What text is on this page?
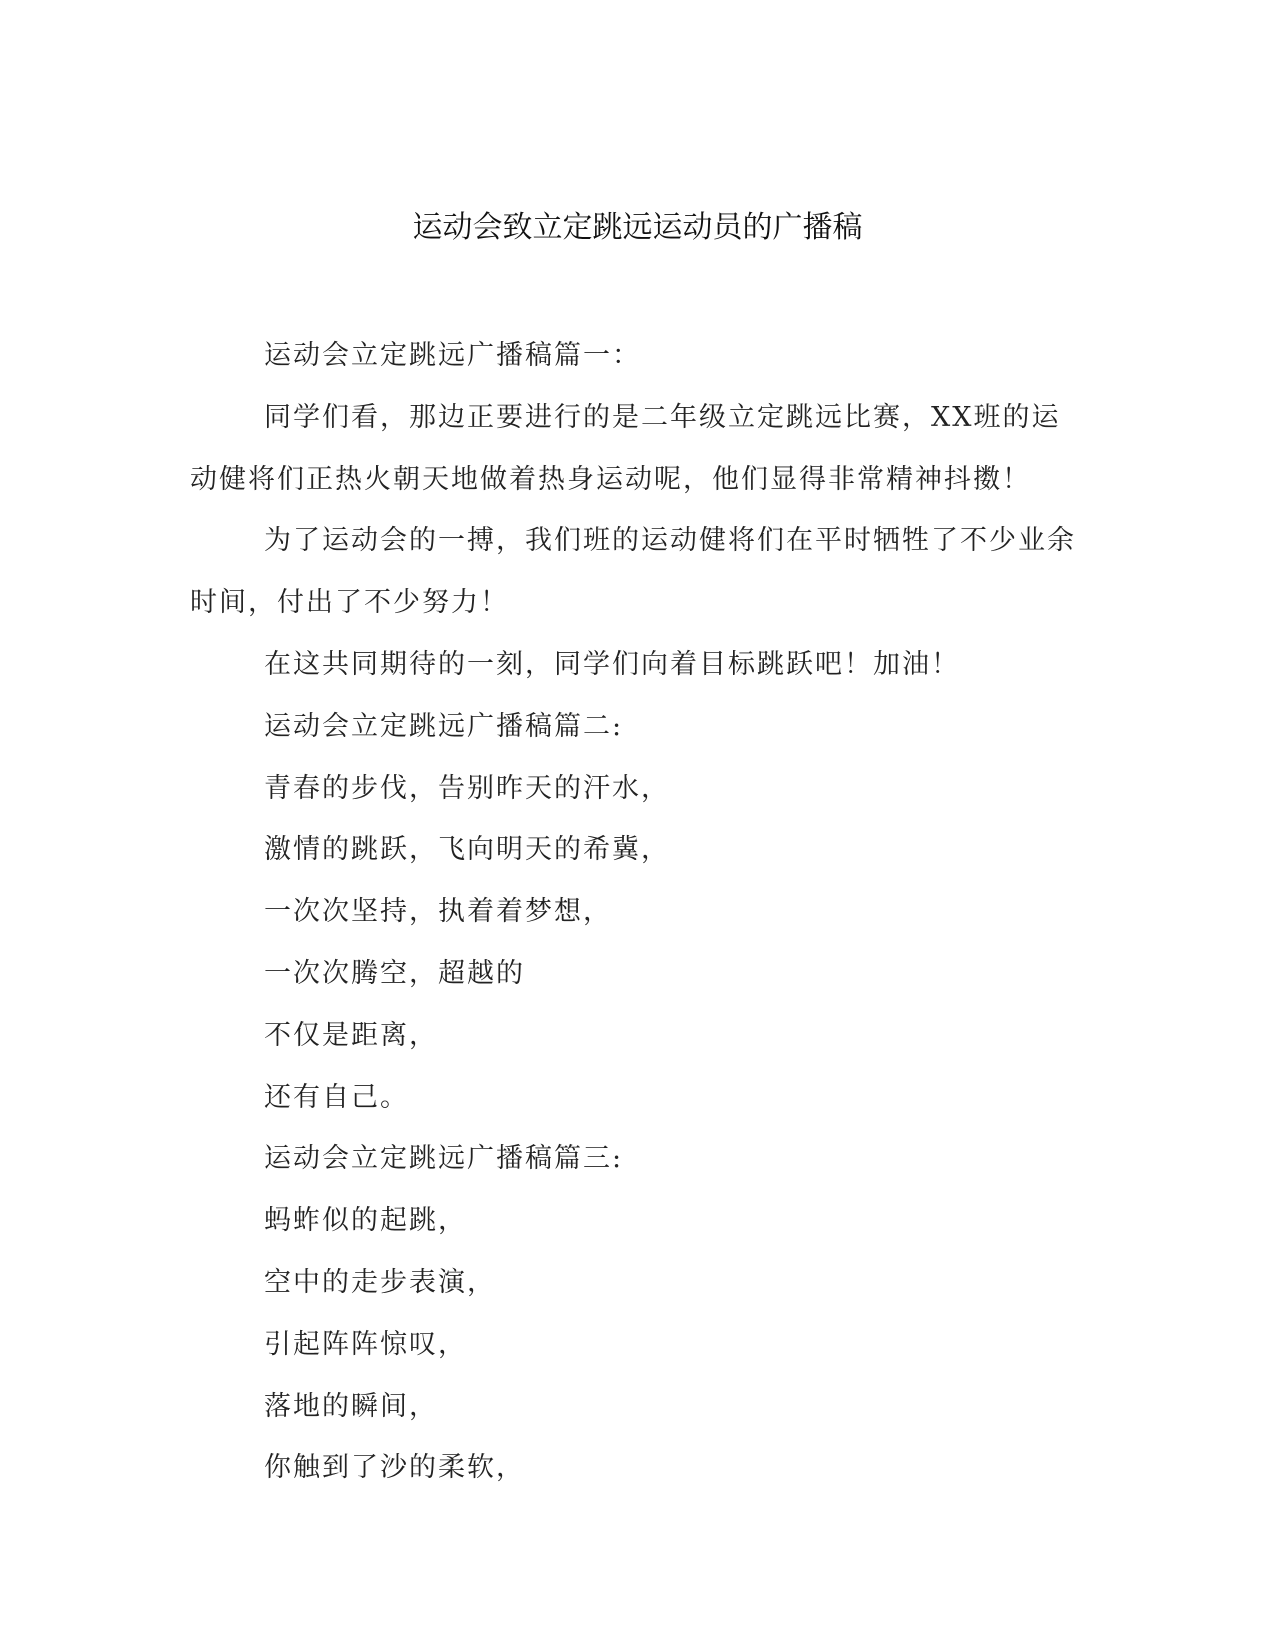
运动会致立定跳远运动员的广播稿
运动会立定跳远广播稿篇一：

同学们看，那边正要进行的是二年级立定跳远比赛，XX班的运动健将们正热火朝天地做着热身运动呢，他们显得非常精神抖擞！

为了运动会的一搏，我们班的运动健将们在平时牺牲了不少业余时间，付出了不少努力！

在这共同期待的一刻，同学们向着目标跳跃吧！加油！
运动会立定跳远广播稿篇二:
青春的步伐，告别昨天的汗水，
激情的跳跃，飞向明天的希冀，
一次次坚持，执着着梦想，
一次次腾空，超越的
不仅是距离，
还有自己。
运动会立定跳远广播稿篇三:
蚂蚱似的起跳，
空中的走步表演，
引起阵阵惊叹，
落地的瞬间，
你触到了沙的柔软，
